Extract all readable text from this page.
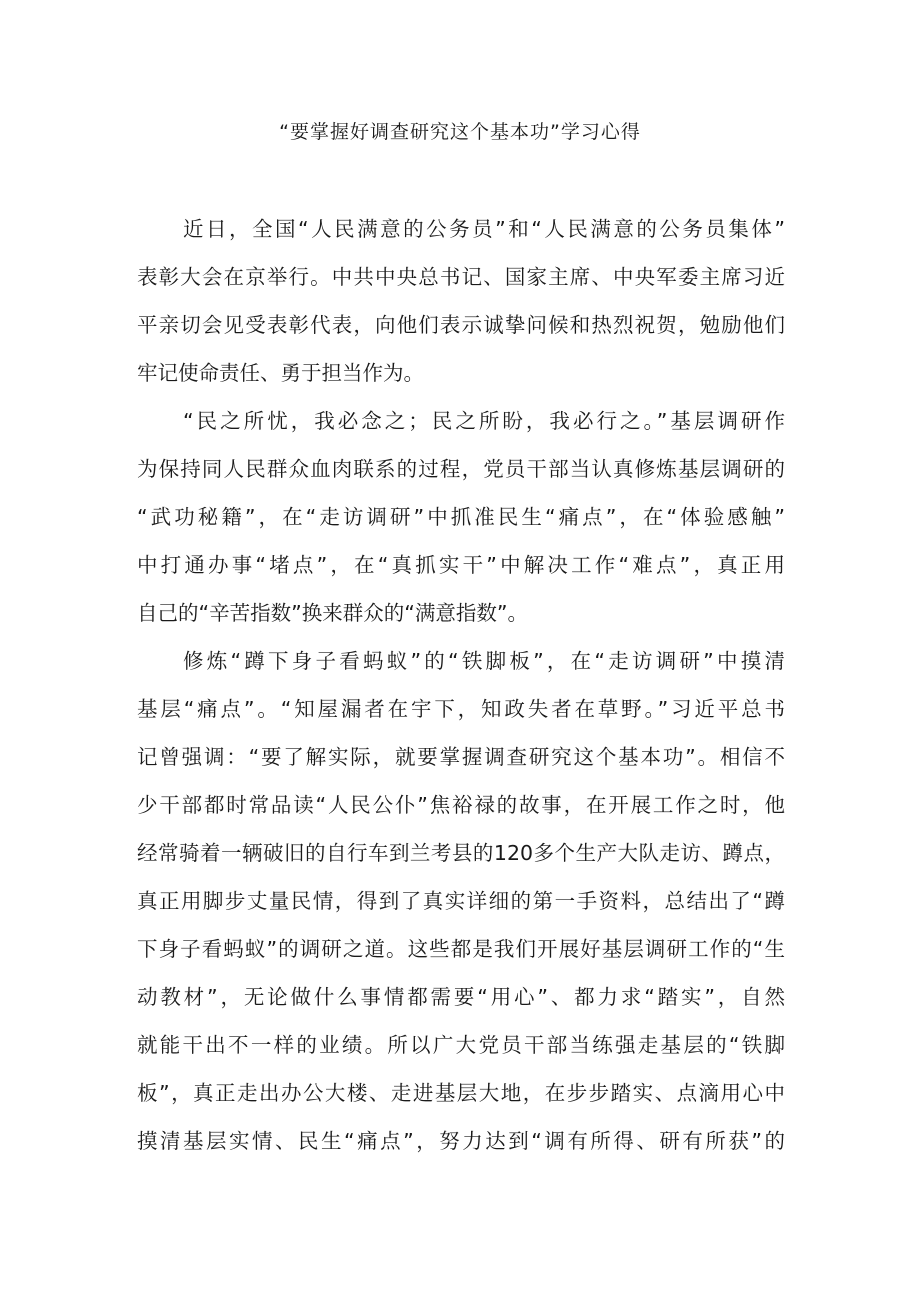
“要掌握好调查研究这个基本功”学习心得
近日，全国“人民满意的公务员”和“人民满意的公务员集体”
表彰大会在京举行。中共中央总书记、国家主席、中央军委主席习近
平亲切会见受表彰代表，向他们表示诚挚问候和热烈祝贺，勉励他们
牢记使命责任、勇于担当作为。
“民之所忧，我必念之；民之所盼，我必行之。”基层调研作
为保持同人民群众血肉联系的过程，党员干部当认真修炼基层调研的
“武功秘籍”，在“走访调研”中抓准民生“痛点”，在“体验感触”
中打通办事“堵点”，在“真抓实干”中解决工作“难点”，真正用
自己的“辛苦指数”换来群众的“满意指数”。
修炼“蹲下身子看蚂蚁”的“铁脚板”，在“走访调研”中摸清
基层“痛点”。“知屋漏者在宇下，知政失者在草野。”习近平总书
记曾强调：“要了解实际，就要掌握调查研究这个基本功”。相信不
少干部都时常品读“人民公仆”焦裕禄的故事，在开展工作之时，他
经常骑着一辆破旧的自行车到兰考县的120多个生产大队走访、蹲点，
真正用脚步丈量民情，得到了真实详细的第一手资料，总结出了“蹲
下身子看蚂蚁”的调研之道。这些都是我们开展好基层调研工作的“生
动教材”，无论做什么事情都需要“用心”、都力求“踏实”，自然
就能干出不一样的业绩。所以广大党员干部当练强走基层的“铁脚
板”，真正走出办公大楼、走进基层大地，在步步踏实、点滴用心中
摸清基层实情、民生“痛点”，努力达到“调有所得、研有所获”的
